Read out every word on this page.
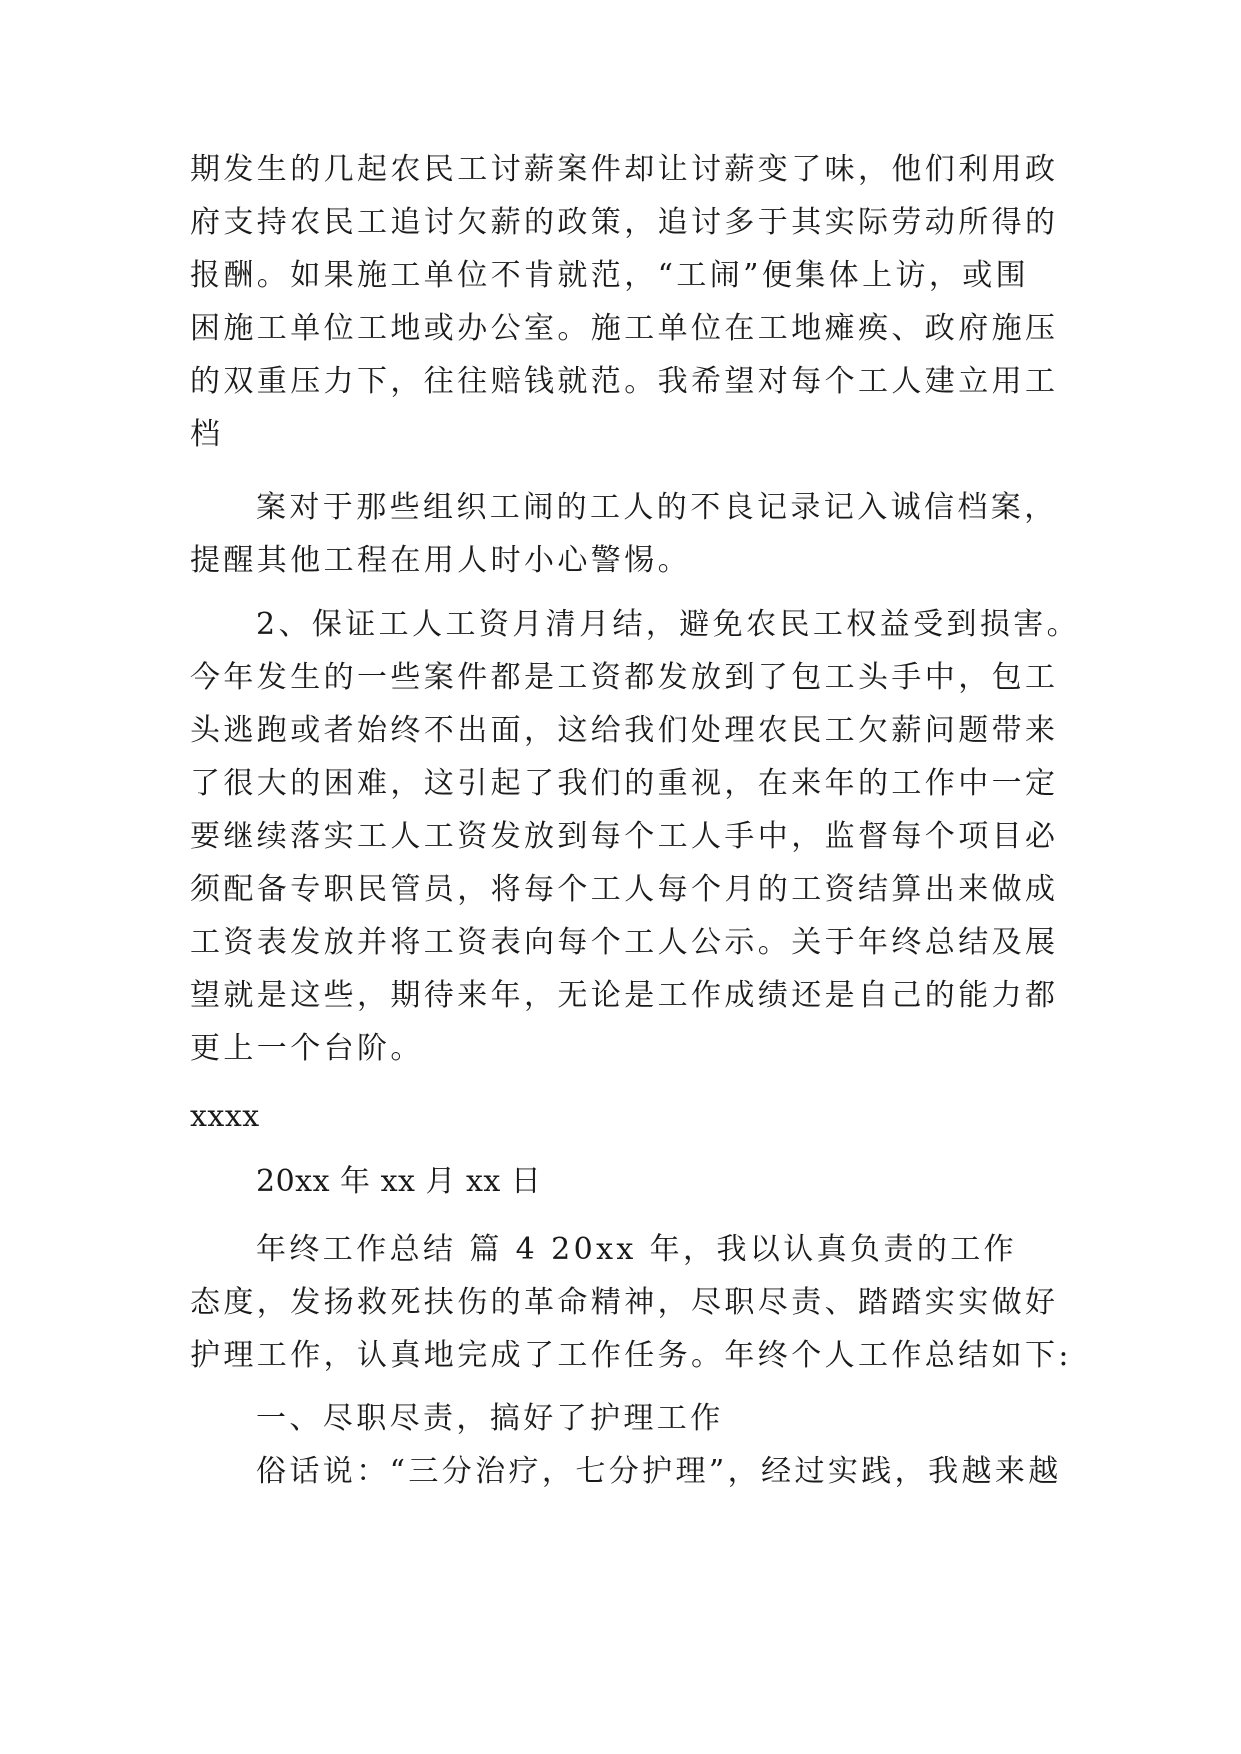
期发生的几起农民工讨薪案件却让讨薪变了味，他们利用政
府支持农民工追讨欠薪的政策，追讨多于其实际劳动所得的
报酬。如果施工单位不肯就范，“工闹”便集体上访，或围
困施工单位工地或办公室。施工单位在工地瘫痪、政府施压
的双重压力下，往往赔钱就范。我希望对每个工人建立用工
档
案对于那些组织工闹的工人的不良记录记入诚信档案，
提醒其他工程在用人时小心警惕。
2、保证工人工资月清月结，避免农民工权益受到损害。
今年发生的一些案件都是工资都发放到了包工头手中，包工
头逃跑或者始终不出面，这给我们处理农民工欠薪问题带来
了很大的困难，这引起了我们的重视，在来年的工作中一定
要继续落实工人工资发放到每个工人手中，监督每个项目必
须配备专职民管员，将每个工人每个月的工资结算出来做成
工资表发放并将工资表向每个工人公示。关于年终总结及展
望就是这些，期待来年，无论是工作成绩还是自己的能力都
更上一个台阶。
xxxx
20xx 年 xx 月 xx 日
年终工作总结 篇 4 20xx 年，我以认真负责的工作
态度，发扬救死扶伤的革命精神，尽职尽责、踏踏实实做好
护理工作，认真地完成了工作任务。年终个人工作总结如下:
一、尽职尽责，搞好了护理工作
俗话说：“三分治疗，七分护理”，经过实践，我越来越
